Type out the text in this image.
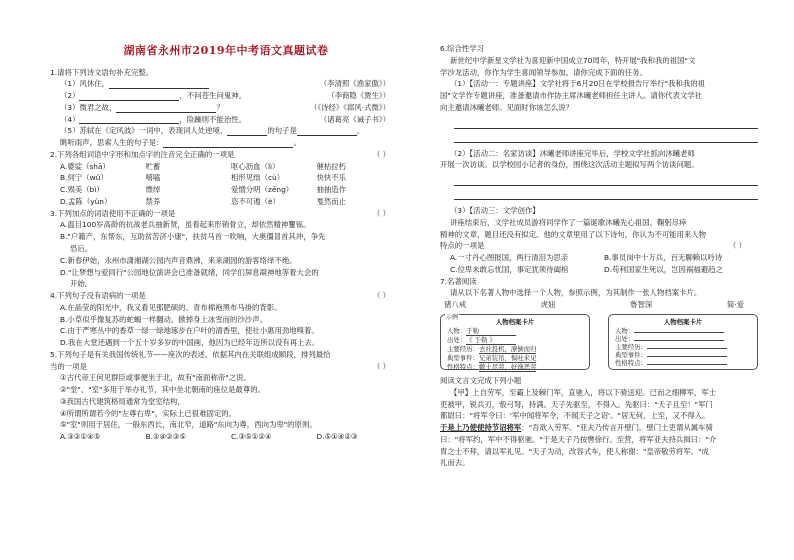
湖南省永州市2019年中考语文真题试卷
1.请将下列诗文语句补充完整。
（1）风休住，	（李清照《渔家傲》）
（2）	，不问苍生问鬼神。	（李商隐《贾生》）
（3）微君之故，	？	（《诗经》《邶风·式微》）
（4）	，险躁则不能治性。	（诸葛亮《诫子书》）
（5）苏轼在《定风波》一词中，表现词人处逆境、	的句子是	，
眺听雨声，思索人生的句子是：	。
2.下列各组词语中字形和加点字的注音完全正确的一项是	（ ）
A.婆娑（shā）	贮蓄	呕心沥血（lì）	催枯拉朽
B.伺宁（wǔ）	嘻嗑	相形见绌（cù）	快快不乐
C.殒美（bì）	缥绰	爱憎分明（zēng）	抽抽造作
D.孟陈（yùn）	禁养	恣不可遏（è）	戛然而止
3.下列加点的词语使用不正确的一项是	（ ）
A.温目100岁高龄的抗战老兵抽新贤，虽看起来形销骨立，却依然精神矍铄。
B."户籍产，东帮东，互助贫苦济小康"，扶贫马首一吹响，大奥僵冒首其冲，争先
恐后。
C.新春伊始，永州市潇湘湖公园内声音鼎沸，来来湖园的游客络绎不绝。
D."让梦想与爱同行"公园地位演讲会已准备就绪，同学们屏息凝神地等着大会的
开始。
4.下列句子没有语病的一项是	（ ）
A.在晶莹的阳光中，我又看见那肥硕的、青布棉袍黑布马褂的背影。
B.小草似乎像复苏的蛇蝎一样翻动，掀掉身上冰雪而的沙沙声。
C.由于严寒丛中的香草一绿一绿地琢步在户叶的清香里，使社小惠用劲地嗅着。
D.我在大堂还遇到一个五十岁多岁的中国画，他因为已经年迈所以没有再上去。
5.下列句子是有关我国传统礼节——座次的表述，依据其内在关联组成顺段，排列最恰
当的一项是	（ ）
①古代帝王何见群臣或事便坐于北，故有"南面称帝"之说。
②"堂"，"室"多用于举办礼节，其中坐北朝南的座位是最尊的。
③我国古代建筑格局通常为堂室结构，
④所谓所谓若今的"左尊右卑"，实际上已很难固定的。
⑤"室"则用于居住，一般东西长，南北窄，道路"东向为尊，西向为卑"的原则。
A.③②①④⑤	B.①④②③⑤	C.③⑤①②④	D.⑤①④②③
6.综合性学习
新世纪中学新星文学社为喜迎新中国成立70周年，特开展"我和我的祖国"文
学沙龙活动，你作为学生喜闻领导参加。请你完成下面的任务。
（1）【活动一：专题讲座】文学社将于6月20日在学校报告厅举行"我和我的祖
国"文学作专题讲座，准备邀请市作协主席沐曦老师担任主讲人。请你代表文学社
向主邀请沐曦老师。见面时你该怎么说？
（2）【活动二：名家访谈】沐曦老师讲座完毕后，学校文学社抓向沐曦老师
开展一次访谈。以学校园小记者的身份，围绕这次活动主题拟写两个访谈问题。
（3）【活动三：文学创作】
讲座结束后，文学社成员游将同学作了一篇诞歌沐曦先心祖国、鞠躬尽瘁
精神的文章，题目还没有拟定。他的文章里用了以下诗句，你认为不可能用来人物
特点的一项是	（ ）
A.一寸丹心图报国，两行清泪为思亲	B.事员岗中十万兵，百无聊赖以吟诗
C.位卑未敢忘忧国，事定犹须待阖棺	D.苟利国家生死以，岂因祸福避趋之
7.名著阅读
请从以下名著人物中选择一个人物，参照示例，为其制作一张人物档案卡片。
猪八戒	虎妞	鲁智深	简·爱
示例
人物档案卡片
人物：于勒
出处：《 于勒 》
主要经历：去社投机，潦倒而归
典型事件：兄弟装吊，惧吐来见
性格特点：敷土尽劳，好逸恶劳
人物档案卡片
人物：
出处：
主要经历：
典型事件：
性格特点：
阅读文言文完成下列小题
【甲】上自劳军，至霸上及棘门军，直驰入，将以下骑送迎。已而之细柳军，军士
吏被甲，锐兵刃，彀弓弩，持满。天子先驱至，不得入。先驱曰："天子且至！"军门
都尉曰："将军令曰：'军中闻将军令，不闻天子之诏'。"居无何，上至，又不得入。
于是上乃使使持节诏将军："吾欲入劳军。"亚夫乃传言开壁门。壁门士吏谓从属车骑
曰："将军约，军中不得驱驰。"于是天子乃按辔徐行。至营，将军亚夫持兵揖曰："介
胄之士不拜，请以军礼见。"天子为动，改容式车，使人称谢："皇帝敬劳将军。"成
礼而去。
